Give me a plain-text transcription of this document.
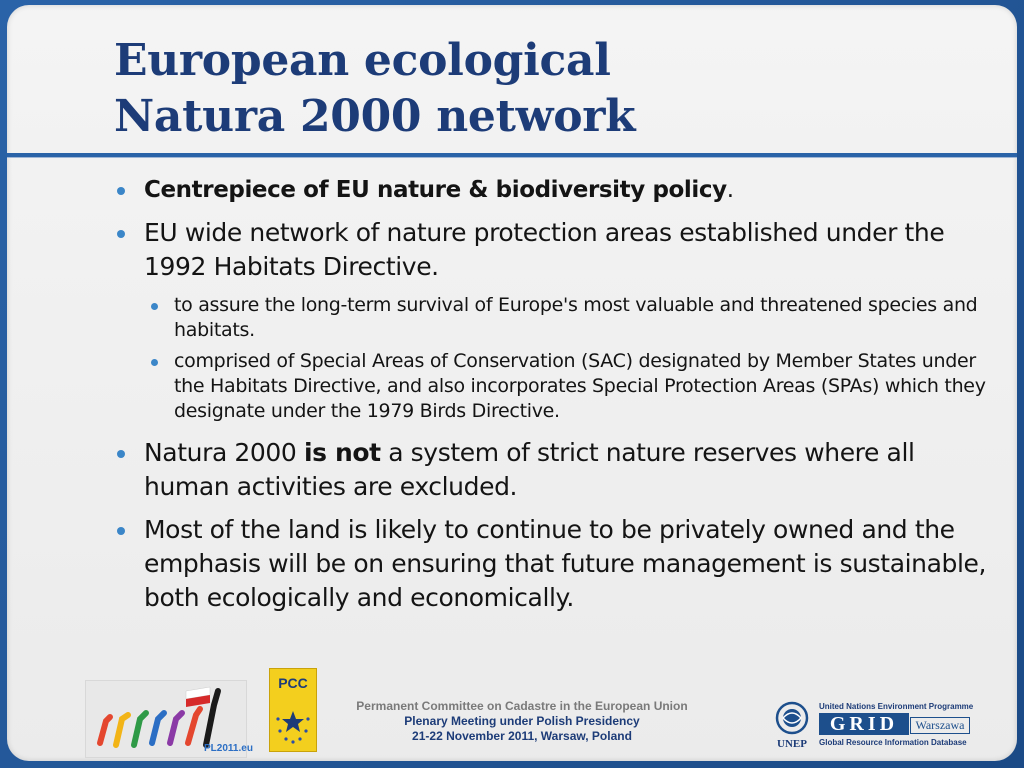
European ecological
Natura 2000 network
Centrepiece of EU nature & biodiversity policy.
EU wide network of nature protection areas established under the 1992 Habitats Directive.
to assure the long-term survival of Europe's most valuable and threatened species and habitats.
comprised of Special Areas of Conservation (SAC) designated by Member States under the Habitats Directive, and also incorporates Special Protection Areas (SPAs) which they designate under the 1979 Birds Directive.
Natura 2000 is not a system of strict nature reserves where all human activities are excluded.
Most of the land is likely to continue to be privately owned and the emphasis will be on ensuring that future management is sustainable, both ecologically and economically.
PL2011.eu
PCC
Permanent Committee on Cadastre in the European Union
Plenary Meeting under Polish Presidency
21-22 November 2011, Warsaw, Poland
UNEP
United Nations Environment Programme
GRID	Warszawa
Global Resource Information Database
